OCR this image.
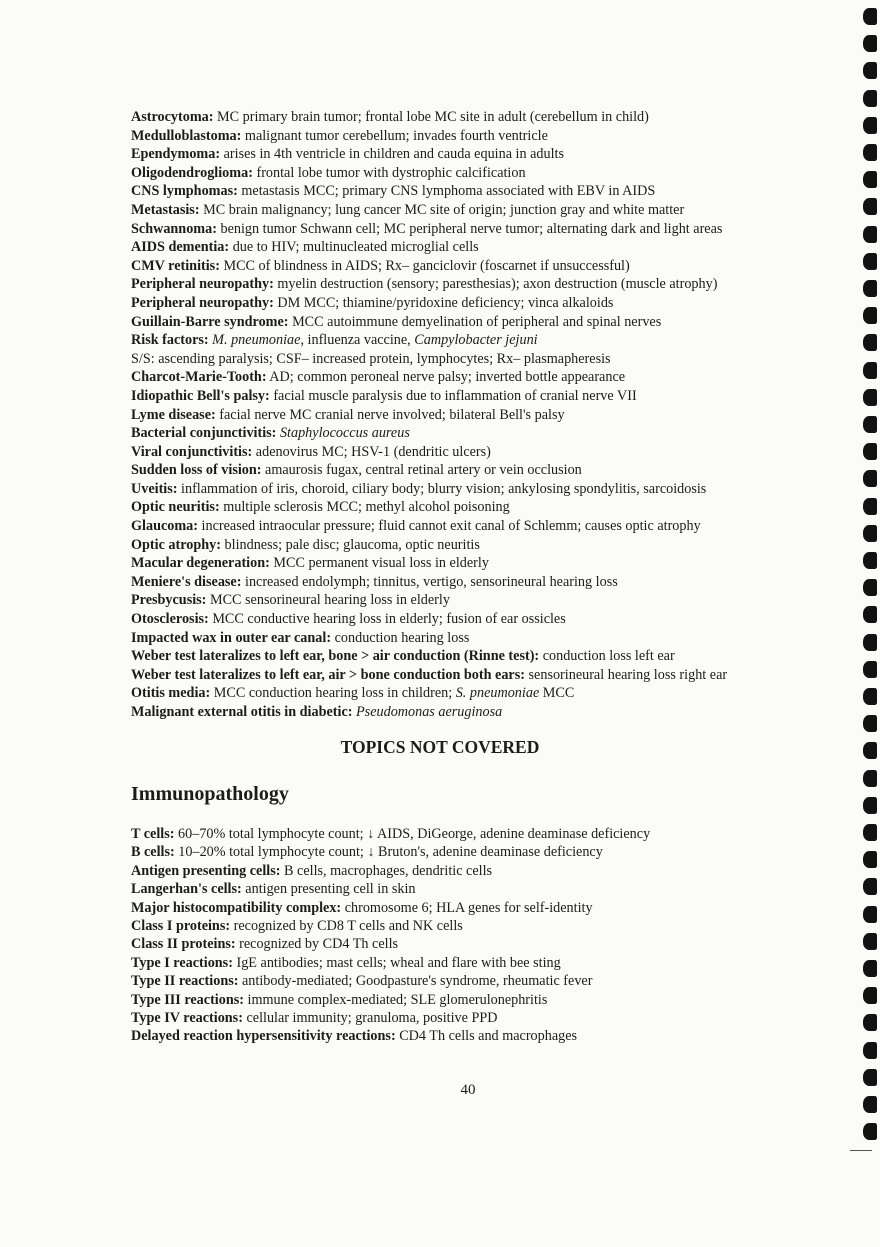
Astrocytoma: MC primary brain tumor; frontal lobe MC site in adult (cerebellum in child)
Medulloblastoma: malignant tumor cerebellum; invades fourth ventricle
Ependymoma: arises in 4th ventricle in children and cauda equina in adults
Oligodendroglioma: frontal lobe tumor with dystrophic calcification
CNS lymphomas: metastasis MCC; primary CNS lymphoma associated with EBV in AIDS
Metastasis: MC brain malignancy; lung cancer MC site of origin; junction gray and white matter
Schwannoma: benign tumor Schwann cell; MC peripheral nerve tumor; alternating dark and light areas
AIDS dementia: due to HIV; multinucleated microglial cells
CMV retinitis: MCC of blindness in AIDS; Rx– ganciclovir (foscarnet if unsuccessful)
Peripheral neuropathy: myelin destruction (sensory; paresthesias); axon destruction (muscle atrophy)
Peripheral neuropathy: DM MCC; thiamine/pyridoxine deficiency; vinca alkaloids
Guillain-Barre syndrome: MCC autoimmune demyelination of peripheral and spinal nerves
Risk factors: M. pneumoniae, influenza vaccine, Campylobacter jejuni
S/S: ascending paralysis; CSF– increased protein, lymphocytes; Rx– plasmapheresis
Charcot-Marie-Tooth: AD; common peroneal nerve palsy; inverted bottle appearance
Idiopathic Bell's palsy: facial muscle paralysis due to inflammation of cranial nerve VII
Lyme disease: facial nerve MC cranial nerve involved; bilateral Bell's palsy
Bacterial conjunctivitis: Staphylococcus aureus
Viral conjunctivitis: adenovirus MC; HSV-1 (dendritic ulcers)
Sudden loss of vision: amaurosis fugax, central retinal artery or vein occlusion
Uveitis: inflammation of iris, choroid, ciliary body; blurry vision; ankylosing spondylitis, sarcoidosis
Optic neuritis: multiple sclerosis MCC; methyl alcohol poisoning
Glaucoma: increased intraocular pressure; fluid cannot exit canal of Schlemm; causes optic atrophy
Optic atrophy: blindness; pale disc; glaucoma, optic neuritis
Macular degeneration: MCC permanent visual loss in elderly
Meniere's disease: increased endolymph; tinnitus, vertigo, sensorineural hearing loss
Presbycusis: MCC sensorineural hearing loss in elderly
Otosclerosis: MCC conductive hearing loss in elderly; fusion of ear ossicles
Impacted wax in outer ear canal: conduction hearing loss
Weber test lateralizes to left ear, bone > air conduction (Rinne test): conduction loss left ear
Weber test lateralizes to left ear, air > bone conduction both ears: sensorineural hearing loss right ear
Otitis media: MCC conduction hearing loss in children; S. pneumoniae MCC
Malignant external otitis in diabetic: Pseudomonas aeruginosa
TOPICS NOT COVERED
Immunopathology
T cells: 60–70% total lymphocyte count; ↓ AIDS, DiGeorge, adenine deaminase deficiency
B cells: 10–20% total lymphocyte count; ↓ Bruton's, adenine deaminase deficiency
Antigen presenting cells: B cells, macrophages, dendritic cells
Langerhan's cells: antigen presenting cell in skin
Major histocompatibility complex: chromosome 6; HLA genes for self-identity
Class I proteins: recognized by CD8 T cells and NK cells
Class II proteins: recognized by CD4 Th cells
Type I reactions: IgE antibodies; mast cells; wheal and flare with bee sting
Type II reactions: antibody-mediated; Goodpasture's syndrome, rheumatic fever
Type III reactions: immune complex-mediated; SLE glomerulonephritis
Type IV reactions: cellular immunity; granuloma, positive PPD
Delayed reaction hypersensitivity reactions: CD4 Th cells and macrophages
40
